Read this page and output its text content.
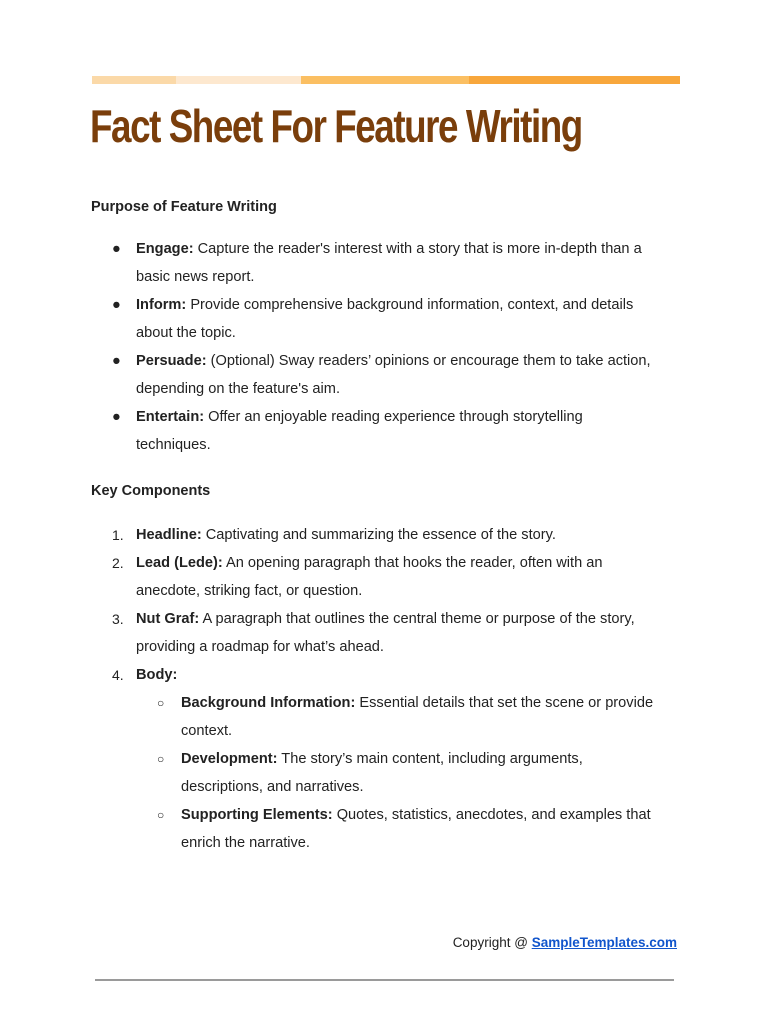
Fact Sheet For Feature Writing
Purpose of Feature Writing
●	Engage: Capture the reader's interest with a story that is more in-depth than a
basic news report.
●	Inform: Provide comprehensive background information, context, and details
about the topic.
●	Persuade: (Optional) Sway readers’ opinions or encourage them to take action,
depending on the feature's aim.
●	Entertain: Offer an enjoyable reading experience through storytelling
techniques.
Key Components
1. Headline: Captivating and summarizing the essence of the story.
2. Lead (Lede): An opening paragraph that hooks the reader, often with an
anecdote, striking fact, or question.
3. Nut Graf: A paragraph that outlines the central theme or purpose of the story,
providing a roadmap for what’s ahead.
4. Body:
○ Background Information: Essential details that set the scene or provide
context.
○ Development: The story’s main content, including arguments,
descriptions, and narratives.
○ Supporting Elements: Quotes, statistics, anecdotes, and examples that
enrich the narrative.
Copyright @ SampleTemplates.com
